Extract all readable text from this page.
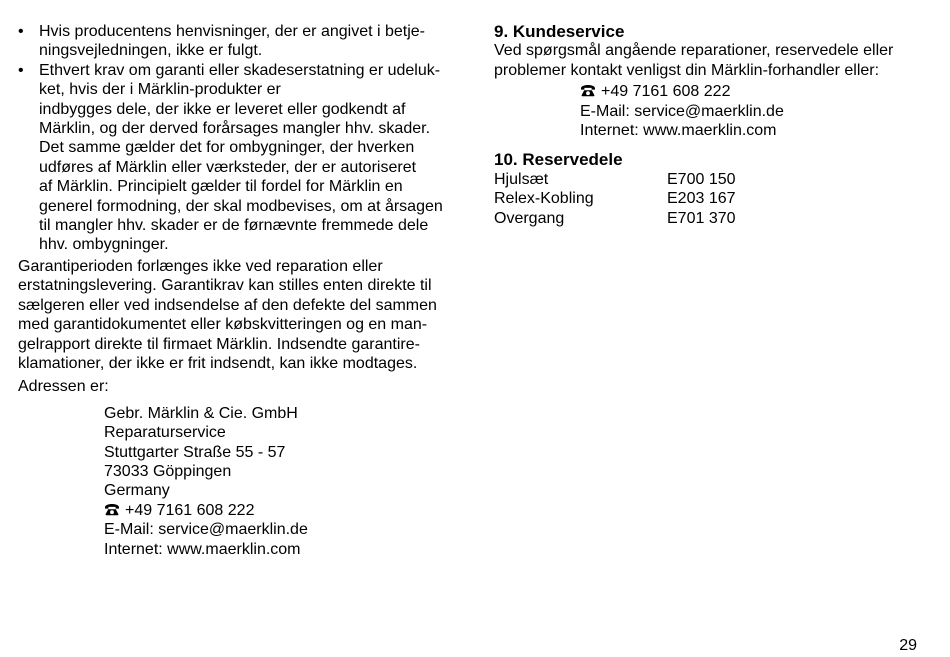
• Hvis producentens henvisninger, der er angivet i betje-
ningsvejledningen, ikke er fulgt.
• Ethvert krav om garanti eller skadeserstatning er udeluk-
ket, hvis der i Märklin-produkter er
indbygges dele, der ikke er leveret eller godkendt af
Märklin, og der derved forårsages mangler hhv. skader.
Det samme gælder det for ombygninger, der hverken
udføres af Märklin eller værksteder, der er autoriseret
af Märklin. Principielt gælder til fordel for Märklin en
generel formodning, der skal modbevises, om at årsagen
til mangler hhv. skader er de førnævnte fremmede dele
hhv. ombygninger.
Garantiperioden forlænges ikke ved reparation eller
erstatningslevering. Garantikrav kan stilles enten direkte til
sælgeren eller ved indsendelse af den defekte del sammen
med garantidokumentet eller købskvitteringen og en man-
gelrapport direkte til firmaet Märklin. Indsendte garantire-
klamationer, der ikke er frit indsendt, kan ikke modtages.
Adressen er:
Gebr. Märklin & Cie. GmbH
Reparaturservice
Stuttgarter Straße 55 - 57
73033 Göppingen
Germany
+49 7161 608 222
E-Mail: service@maerklin.de
Internet: www.maerklin.com
9. Kundeservice
Ved spørgsmål angående reparationer, reservedele eller
problemer kontakt venligst din Märklin-forhandler eller:
+49 7161 608 222
E-Mail: service@maerklin.de
Internet: www.maerklin.com
10. Reservedele
Hjulsæt	E700 150
Relex-Kobling	E203 167
Overgang	E701 370
29
